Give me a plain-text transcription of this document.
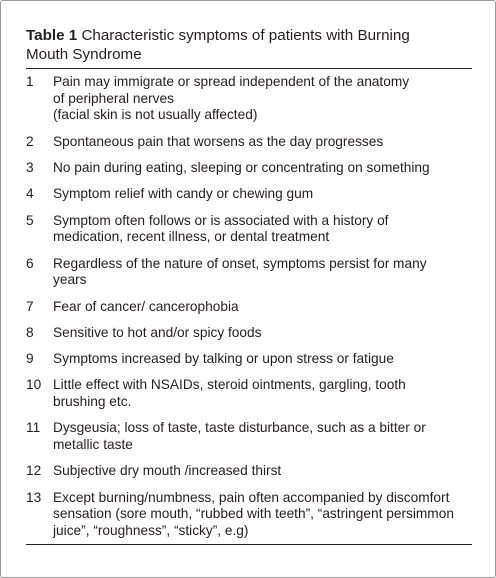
Table 1 Characteristic symptoms of patients with Burning
Mouth Syndrome
1	Pain may immigrate or spread independent of the anatomy
of peripheral nerves
(facial skin is not usually affected)
2	Spontaneous pain that worsens as the day progresses
3	No pain during eating, sleeping or concentrating on something
4	Symptom relief with candy or chewing gum
5	Symptom often follows or is associated with a history of
medication, recent illness, or dental treatment
6	Regardless of the nature of onset, symptoms persist for many
years
7	Fear of cancer/ cancerophobia
8	Sensitive to hot and/or spicy foods
9	Symptoms increased by talking or upon stress or fatigue
10 Little effect with NSAIDs, steroid ointments, gargling, tooth
brushing etc.
11 Dysgeusia; loss of taste, taste disturbance, such as a bitter or
metallic taste
12 Subjective dry mouth /increased thirst
13 Except burning/numbness, pain often accompanied by discomfort
sensation (sore mouth, “rubbed with teeth”, “astringent persimmon
juice”, “roughness”, “sticky”, e.g)
